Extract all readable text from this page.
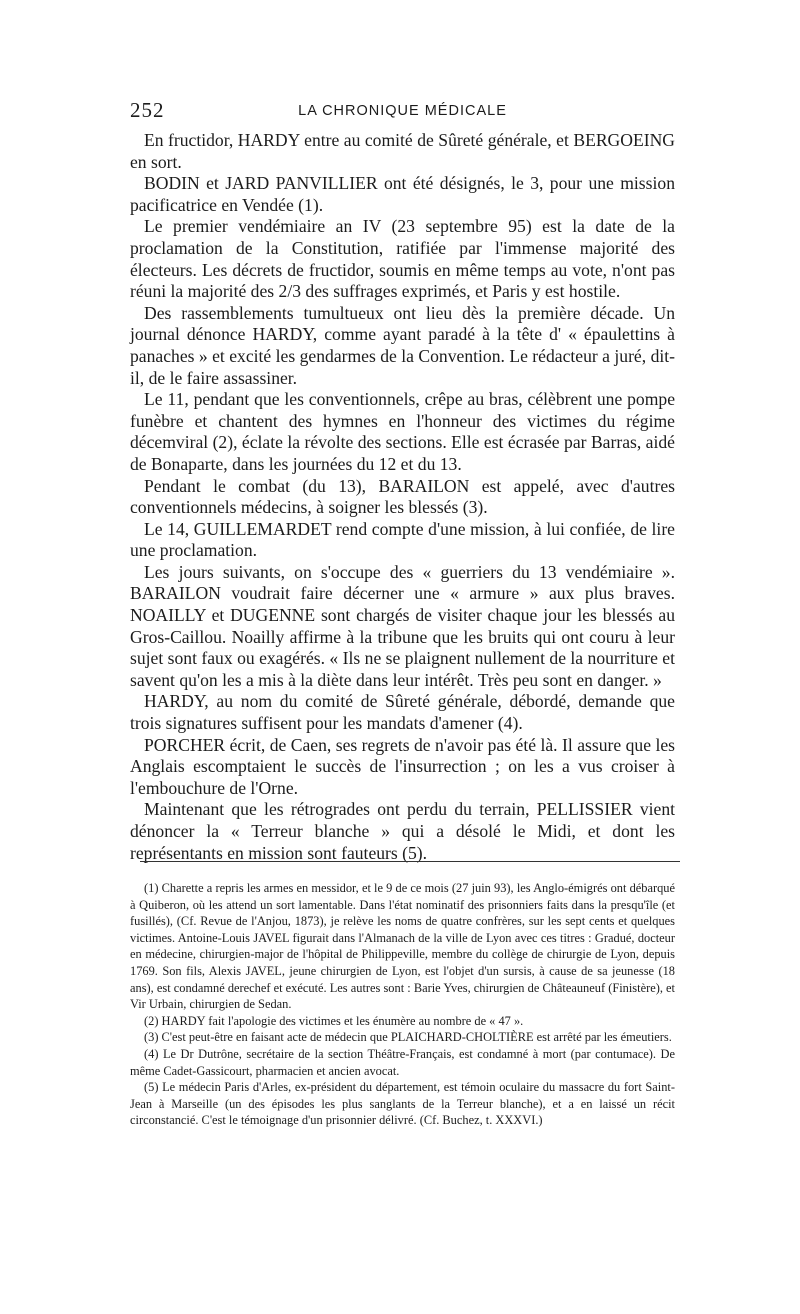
252	LA CHRONIQUE MÉDICALE

En fructidor, HARDY entre au comité de Sûreté générale, et BERGOEING en sort.

BODIN et JARD PANVILLIER ont été désignés, le 3, pour une mission pacificatrice en Vendée (1).

Le premier vendémiaire an IV (23 septembre 95) est la date de la proclamation de la Constitution, ratifiée par l'immense majorité des électeurs. Les décrets de fructidor, soumis en même temps au vote, n'ont pas réuni la majorité des 2/3 des suffrages exprimés, et Paris y est hostile.

Des rassemblements tumultueux ont lieu dès la première décade. Un journal dénonce HARDY, comme ayant paradé à la tête d' « épaulettins à panaches » et excité les gendarmes de la Convention. Le rédacteur a juré, dit-il, de le faire assassiner.

Le 11, pendant que les conventionnels, crêpe au bras, célèbrent une pompe funèbre et chantent des hymnes en l'honneur des victimes du régime décemviral (2), éclate la révolte des sections. Elle est écrasée par Barras, aidé de Bonaparte, dans les journées du 12 et du 13.

Pendant le combat (du 13), BARAILON est appelé, avec d'autres conventionnels médecins, à soigner les blessés (3).

Le 14, GUILLEMARDET rend compte d'une mission, à lui confiée, de lire une proclamation.

Les jours suivants, on s'occupe des « guerriers du 13 vendémiaire ». BARAILON voudrait faire décerner une « armure » aux plus braves. NOAILLY et DUGENNE sont chargés de visiter chaque jour les blessés au Gros-Caillou. Noailly affirme à la tribune que les bruits qui ont couru à leur sujet sont faux ou exagérés. « Ils ne se plaignent nullement de la nourriture et savent qu'on les a mis à la diète dans leur intérêt. Très peu sont en danger. »

HARDY, au nom du comité de Sûreté générale, débordé, demande que trois signatures suffisent pour les mandats d'amener (4).

PORCHER écrit, de Caen, ses regrets de n'avoir pas été là. Il assure que les Anglais escomptaient le succès de l'insurrection ; on les a vus croiser à l'embouchure de l'Orne.

Maintenant que les rétrogrades ont perdu du terrain, PELLISSIER vient dénoncer la « Terreur blanche » qui a désolé le Midi, et dont les représentants en mission sont fauteurs (5).

(1) Charette a repris les armes en messidor, et le 9 de ce mois (27 juin 93), les Anglo-émigrés ont débarqué à Quiberon, où les attend un sort lamentable. Dans l'état nominatif des prisonniers faits dans la presqu'île (et fusillés), (Cf. Revue de l'Anjou, 1873), je relève les noms de quatre confrères, sur les sept cents et quelques victimes. Antoine-Louis JAVEL figurait dans l'Almanach de la ville de Lyon avec ces titres : Gradué, docteur en médecine, chirurgien-major de l'hôpital de Philippeville, membre du collège de chirurgie de Lyon, depuis 1769. Son fils, Alexis JAVEL, jeune chirurgien de Lyon, est l'objet d'un sursis, à cause de sa jeunesse (18 ans), est condamné derechef et exécuté. Les autres sont : Barie Yves, chirurgien de Châteauneuf (Finistère), et Vir Urbain, chirurgien de Sedan.

(2) HARDY fait l'apologie des victimes et les énumère au nombre de « 47 ».

(3) C'est peut-être en faisant acte de médecin que PLAICHARD-CHOLTIÈRE est arrêté par les émeutiers.

(4) Le Dr Dutrône, secrétaire de la section Théâtre-Français, est condamné à mort (par contumace). De même Cadet-Gassicourt, pharmacien et ancien avocat.

(5) Le médecin Paris d'Arles, ex-président du département, est témoin oculaire du massacre du fort Saint-Jean à Marseille (un des épisodes les plus sanglants de la Terreur blanche), et a en laissé un récit circonstancié. C'est le témoignage d'un prisonnier délivré. (Cf. Buchez, t. XXXVI.)
